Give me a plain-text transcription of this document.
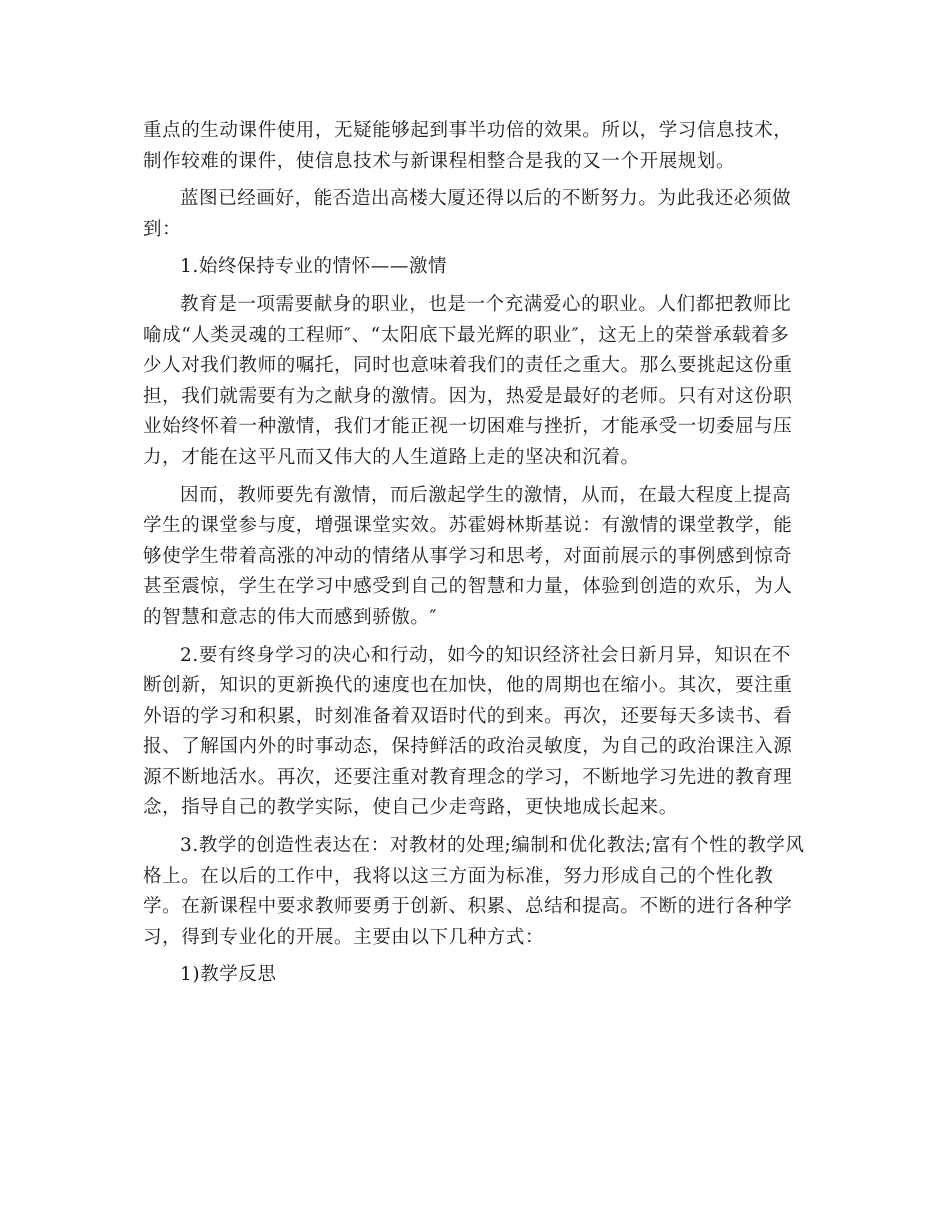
重点的生动课件使用，无疑能够起到事半功倍的效果。所以，学习信息技术，制作较难的课件，使信息技术与新课程相整合是我的又一个开展规划。

蓝图已经画好，能否造出高楼大厦还得以后的不断努力。为此我还必须做到：

1.始终保持专业的情怀——激情

教育是一项需要献身的职业，也是一个充满爱心的职业。人们都把教师比喻成“人类灵魂的工程师″、“太阳底下最光辉的职业″，这无上的荣誉承载着多少人对我们教师的嘱托，同时也意味着我们的责任之重大。那么要挑起这份重担，我们就需要有为之献身的激情。因为，热爱是最好的老师。只有对这份职业始终怀着一种激情，我们才能正视一切困难与挫折，才能承受一切委屈与压力，才能在这平凡而又伟大的人生道路上走的坚决和沉着。

因而，教师要先有激情，而后激起学生的激情，从而，在最大程度上提高学生的课堂参与度，增强课堂实效。苏霍姆林斯基说：有激情的课堂教学，能够使学生带着高涨的冲动的情绪从事学习和思考，对面前展示的事例感到惊奇甚至震惊，学生在学习中感受到自己的智慧和力量，体验到创造的欢乐，为人的智慧和意志的伟大而感到骄傲。″

2.要有终身学习的决心和行动，如今的知识经济社会日新月异，知识在不断创新，知识的更新换代的速度也在加快，他的周期也在缩小。其次，要注重外语的学习和积累，时刻准备着双语时代的到来。再次，还要每天多读书、看报、了解国内外的时事动态，保持鲜活的政治灵敏度，为自己的政治课注入源源不断地活水。再次，还要注重对教育理念的学习，不断地学习先进的教育理念，指导自己的教学实际，使自己少走弯路，更快地成长起来。

3.教学的创造性表达在：对教材的处理;编制和优化教法;富有个性的教学风格上。在以后的工作中，我将以这三方面为标准，努力形成自己的个性化教学。在新课程中要求教师要勇于创新、积累、总结和提高。不断的进行各种学习，得到专业化的开展。主要由以下几种方式：

1)教学反思
